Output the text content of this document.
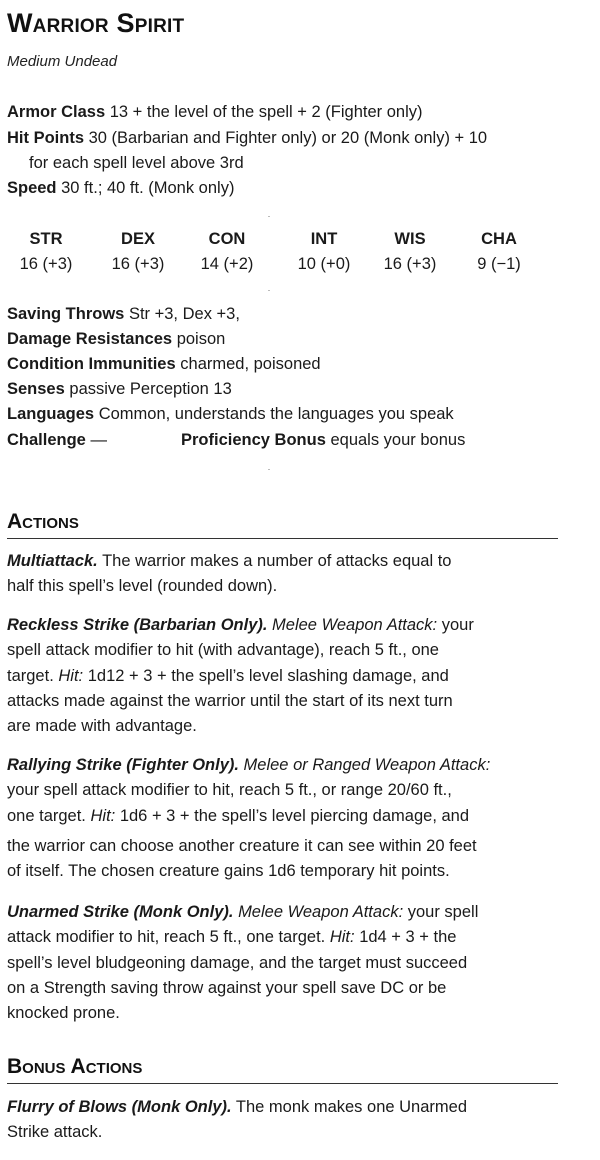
Warrior Spirit
Medium Undead
Armor Class 13 + the level of the spell + 2 (Fighter only)
Hit Points 30 (Barbarian and Fighter only) or 20 (Monk only) + 10
for each spell level above 3rd
Speed 30 ft.; 40 ft. (Monk only)
STR
16 (+3)
DEX
16 (+3)
CON
14 (+2)
INT
10 (+0)
WIS
16 (+3)
CHA
9 (−1)
Saving Throws Str +3, Dex +3,
Damage Resistances poison
Condition Immunities charmed, poisoned
Senses passive Perception 13
Languages Common, understands the languages you speak
Challenge —	Proficiency Bonus equals your bonus
Actions
Multiattack. The warrior makes a number of attacks equal to
half this spell’s level (rounded down).
Reckless Strike (Barbarian Only). Melee Weapon Attack: your
spell attack modifier to hit (with advantage), reach 5 ft., one
target. Hit: 1d12 + 3 + the spell’s level slashing damage, and
attacks made against the warrior until the start of its next turn
are made with advantage.
Rallying Strike (Fighter Only). Melee or Ranged Weapon Attack:
your spell attack modifier to hit, reach 5 ft., or range 20/60 ft.,
one target. Hit: 1d6 + 3 + the spell’s level piercing damage, and
the warrior can choose another creature it can see within 20 feet
of itself. The chosen creature gains 1d6 temporary hit points.
Unarmed Strike (Monk Only). Melee Weapon Attack: your spell
attack modifier to hit, reach 5 ft., one target. Hit: 1d4 + 3 + the
spell’s level bludgeoning damage, and the target must succeed
on a Strength saving throw against your spell save DC or be
knocked prone.
Bonus Actions
Flurry of Blows (Monk Only). The monk makes one Unarmed
Strike attack.
